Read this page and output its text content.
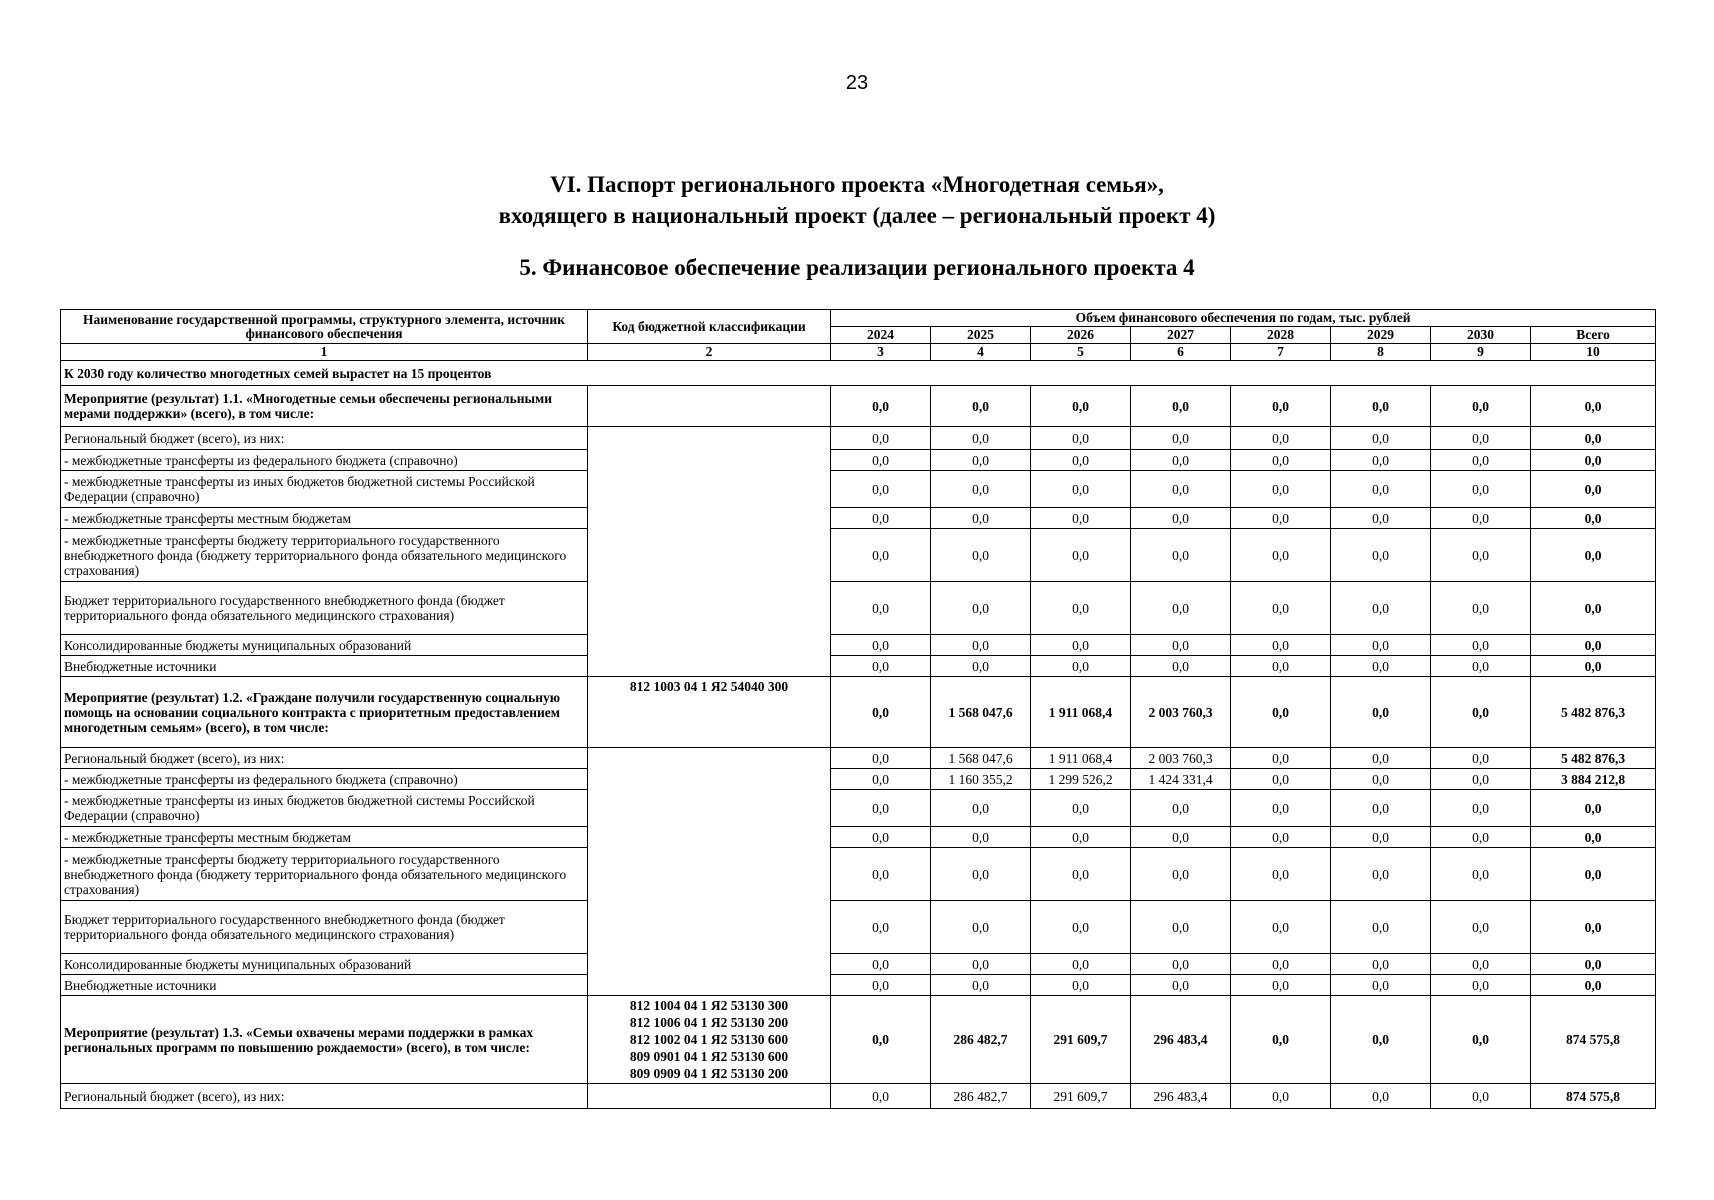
23
VI. Паспорт регионального проекта «Многодетная семья»,
входящего в национальный проект (далее – региональный проект 4)
5. Финансовое обеспечение реализации регионального проекта 4
Наименование государственной программы, структурного элемента, источник финансового обеспечения	Код бюджетной классификации	Объем финансового обеспечения по годам, тыс. рублей							
		2024	2025	2026	2027	2028	2029	2030	Всего
1	2	3	4	5	6	7	8	9	10
К 2030 году количество многодетных семей вырастет на 15 процентов									
Мероприятие (результат) 1.1. «Многодетные семьи обеспечены региональными мерами поддержки» (всего), в том числе:		0,0	0,0	0,0	0,0	0,0	0,0	0,0	0,0
Региональный бюджет (всего), из них:		0,0	0,0	0,0	0,0	0,0	0,0	0,0	0,0
- межбюджетные трансферты из федерального бюджета (справочно)		0,0	0,0	0,0	0,0	0,0	0,0	0,0	0,0
- межбюджетные трансферты из иных бюджетов бюджетной системы Российской Федерации (справочно)		0,0	0,0	0,0	0,0	0,0	0,0	0,0	0,0
- межбюджетные трансферты местным бюджетам		0,0	0,0	0,0	0,0	0,0	0,0	0,0	0,0
- межбюджетные трансферты бюджету территориального государственного внебюджетного фонда (бюджету территориального фонда обязательного медицинского страхования)		0,0	0,0	0,0	0,0	0,0	0,0	0,0	0,0
Бюджет территориального государственного внебюджетного фонда (бюджет территориального фонда обязательного медицинского страхования)		0,0	0,0	0,0	0,0	0,0	0,0	0,0	0,0
Консолидированные бюджеты муниципальных образований		0,0	0,0	0,0	0,0	0,0	0,0	0,0	0,0
Внебюджетные источники		0,0	0,0	0,0	0,0	0,0	0,0	0,0	0,0
Мероприятие (результат) 1.2. «Граждане получили государственную социальную помощь на основании социального контракта с приоритетным предоставлением многодетным семьям» (всего), в том числе:	812 1003 04 1 Я2 54040 300	0,0	1 568 047,6	1 911 068,4	2 003 760,3	0,0	0,0	0,0	5 482 876,3
Региональный бюджет (всего), из них:		0,0	1 568 047,6	1 911 068,4	2 003 760,3	0,0	0,0	0,0	5 482 876,3
- межбюджетные трансферты из федерального бюджета (справочно)		0,0	1 160 355,2	1 299 526,2	1 424 331,4	0,0	0,0	0,0	3 884 212,8
- межбюджетные трансферты из иных бюджетов бюджетной системы Российской Федерации (справочно)		0,0	0,0	0,0	0,0	0,0	0,0	0,0	0,0
- межбюджетные трансферты местным бюджетам		0,0	0,0	0,0	0,0	0,0	0,0	0,0	0,0
- межбюджетные трансферты бюджету территориального государственного внебюджетного фонда (бюджету территориального фонда обязательного медицинского страхования)		0,0	0,0	0,0	0,0	0,0	0,0	0,0	0,0
Бюджет территориального государственного внебюджетного фонда (бюджет территориального фонда обязательного медицинского страхования)		0,0	0,0	0,0	0,0	0,0	0,0	0,0	0,0
Консолидированные бюджеты муниципальных образований		0,0	0,0	0,0	0,0	0,0	0,0	0,0	0,0
Внебюджетные источники		0,0	0,0	0,0	0,0	0,0	0,0	0,0	0,0
Мероприятие (результат) 1.3. «Семьи охвачены мерами поддержки в рамках региональных программ по повышению рождаемости» (всего), в том числе:	812 1004 04 1 Я2 53130 300
812 1006 04 1 Я2 53130 200
812 1002 04 1 Я2 53130 600
809 0901 04 1 Я2 53130 600
809 0909 04 1 Я2 53130 200	0,0	286 482,7	291 609,7	296 483,4	0,0	0,0	0,0	874 575,8
Региональный бюджет (всего), из них:		0,0	286 482,7	291 609,7	296 483,4	0,0	0,0	0,0	874 575,8
